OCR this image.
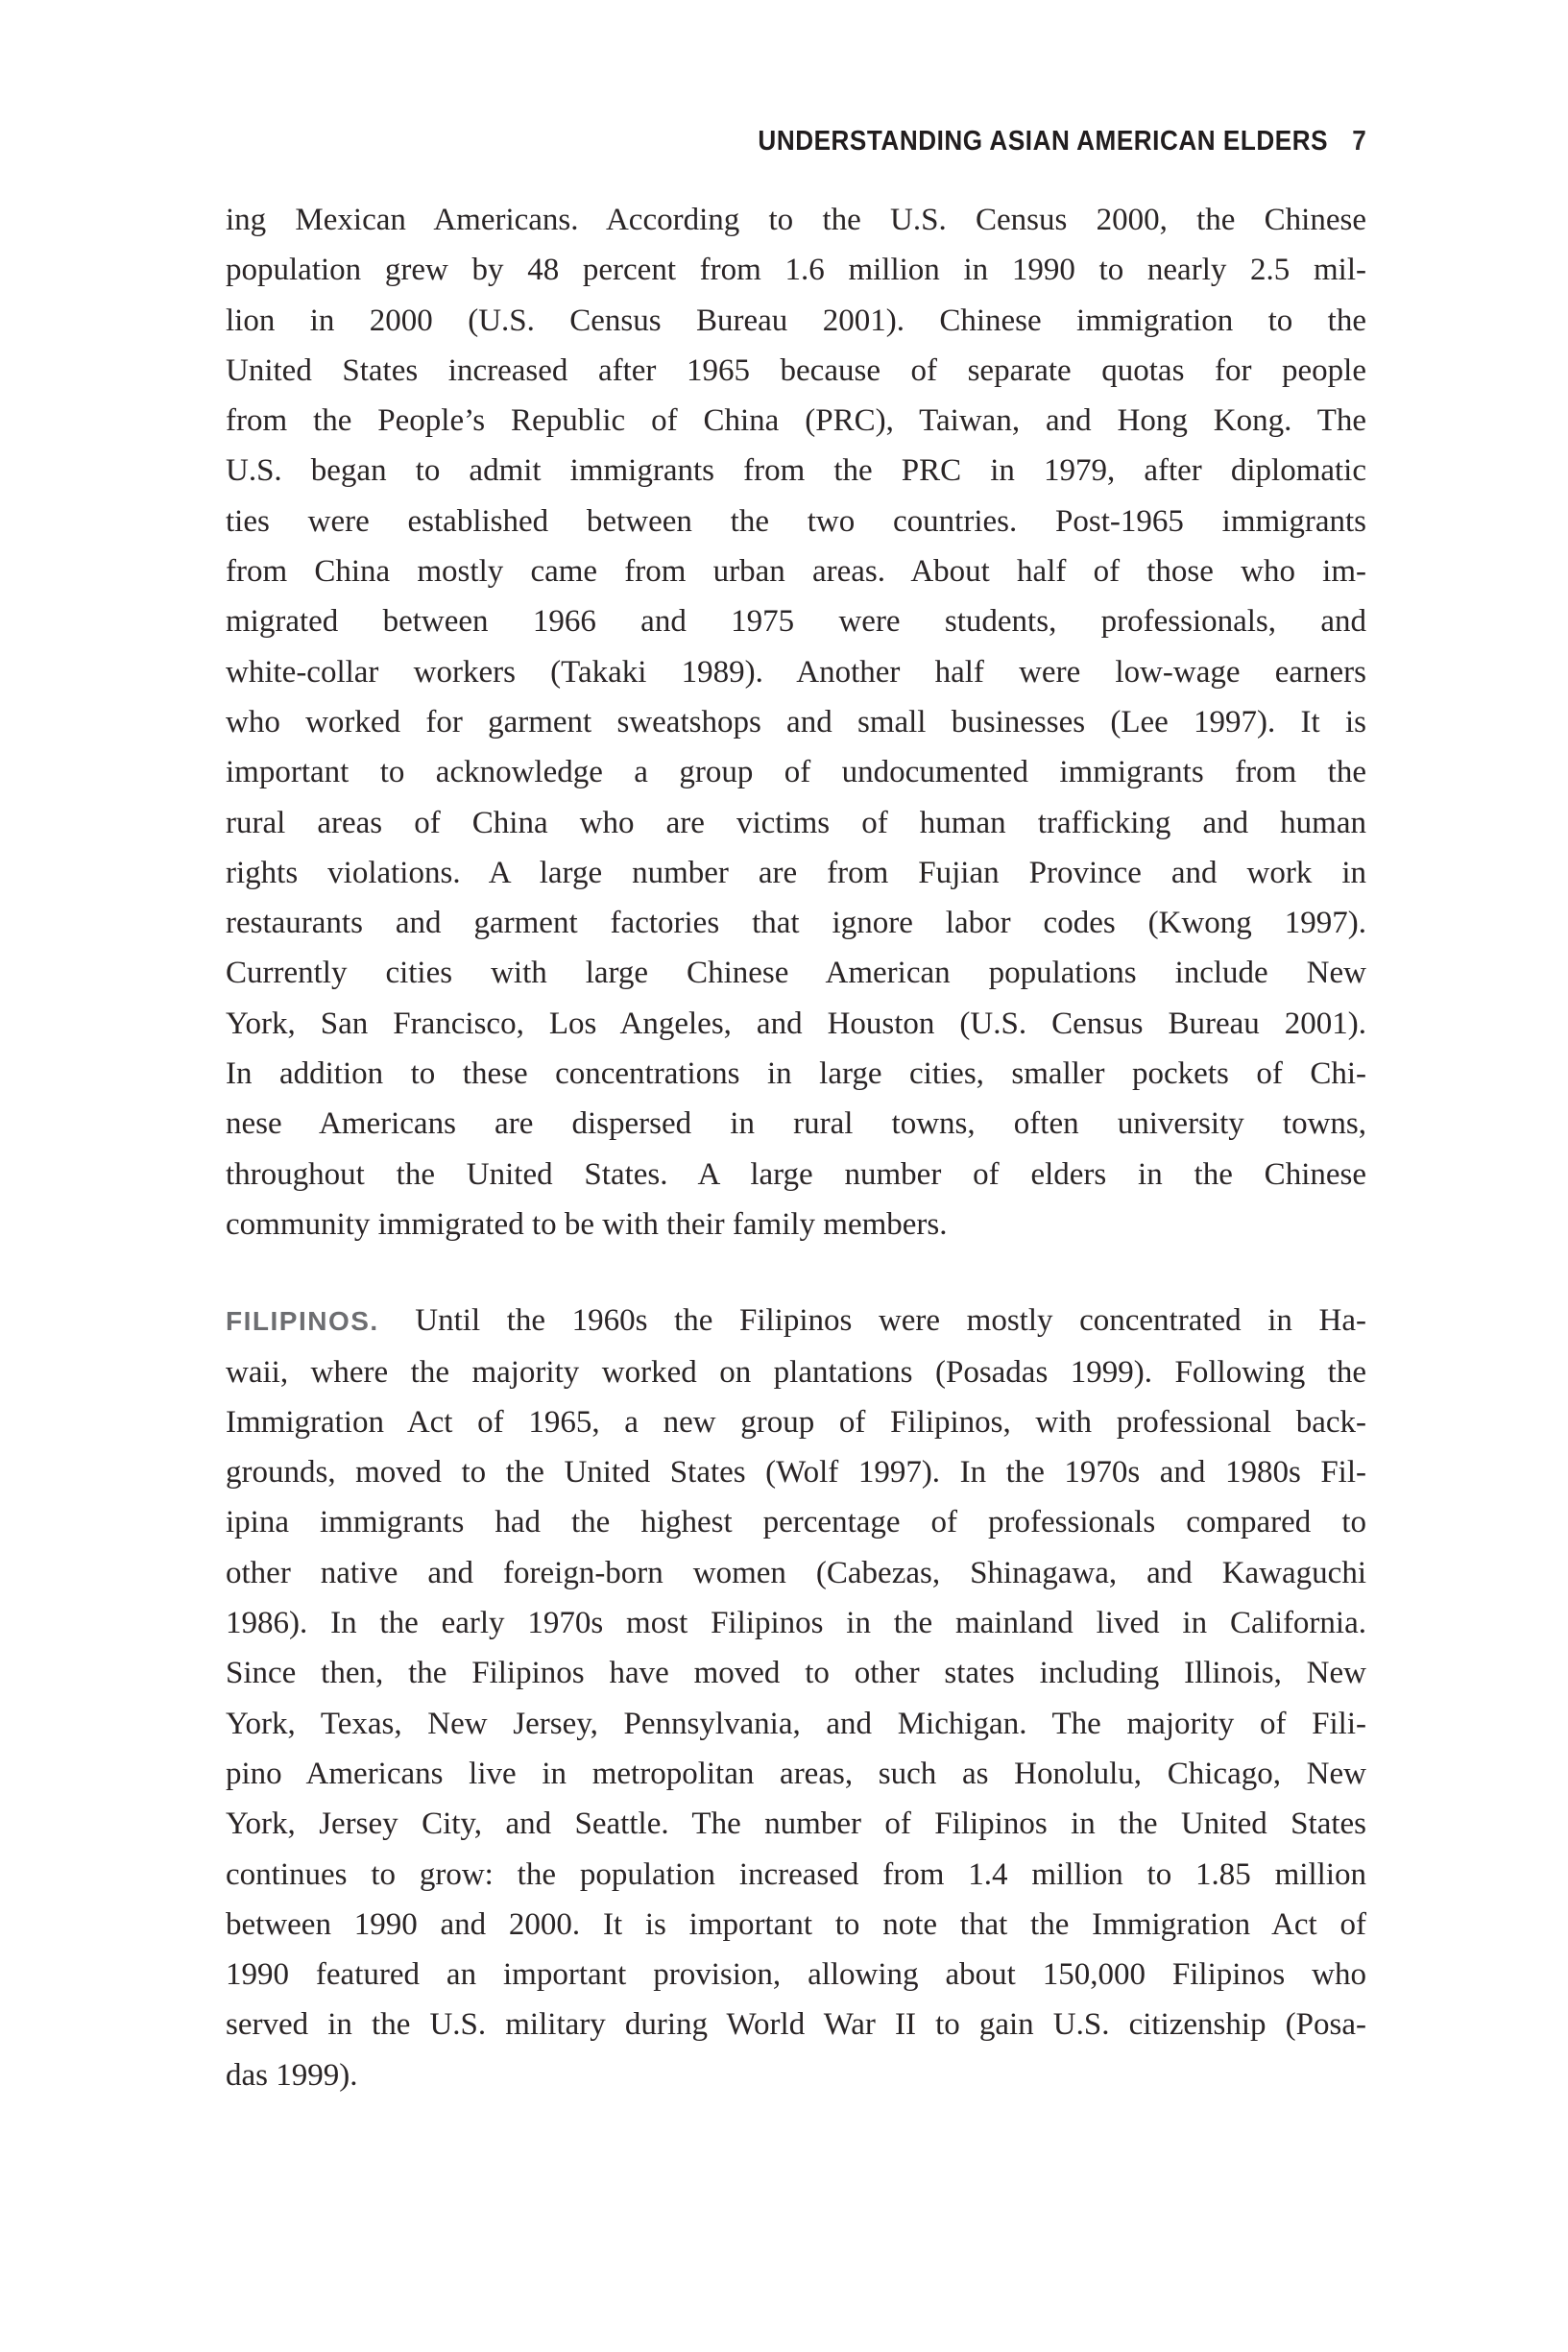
UNDERSTANDING ASIAN AMERICAN ELDERS 7
ing Mexican Americans. According to the U.S. Census 2000, the Chinese
population grew by 48 percent from 1.6 million in 1990 to nearly 2.5 mil-
lion in 2000 (U.S. Census Bureau 2001). Chinese immigration to the
United States increased after 1965 because of separate quotas for people
from the People’s Republic of China (PRC), Taiwan, and Hong Kong. The
U.S. began to admit immigrants from the PRC in 1979, after diplomatic
ties were established between the two countries. Post-1965 immigrants
from China mostly came from urban areas. About half of those who im-
migrated between 1966 and 1975 were students, professionals, and
white-collar workers (Takaki 1989). Another half were low-wage earners
who worked for garment sweatshops and small businesses (Lee 1997). It is
important to acknowledge a group of undocumented immigrants from the
rural areas of China who are victims of human trafficking and human
rights violations. A large number are from Fujian Province and work in
restaurants and garment factories that ignore labor codes (Kwong 1997).
Currently cities with large Chinese American populations include New
York, San Francisco, Los Angeles, and Houston (U.S. Census Bureau 2001).
In addition to these concentrations in large cities, smaller pockets of Chi-
nese Americans are dispersed in rural towns, often university towns,
throughout the United States. A large number of elders in the Chinese
community immigrated to be with their family members.
FILIPINOS. Until the 1960s the Filipinos were mostly concentrated in Ha-
waii, where the majority worked on plantations (Posadas 1999). Following the
Immigration Act of 1965, a new group of Filipinos, with professional back-
grounds, moved to the United States (Wolf 1997). In the 1970s and 1980s Fil-
ipina immigrants had the highest percentage of professionals compared to
other native and foreign-born women (Cabezas, Shinagawa, and Kawaguchi
1986). In the early 1970s most Filipinos in the mainland lived in California.
Since then, the Filipinos have moved to other states including Illinois, New
York, Texas, New Jersey, Pennsylvania, and Michigan. The majority of Fili-
pino Americans live in metropolitan areas, such as Honolulu, Chicago, New
York, Jersey City, and Seattle. The number of Filipinos in the United States
continues to grow: the population increased from 1.4 million to 1.85 million
between 1990 and 2000. It is important to note that the Immigration Act of
1990 featured an important provision, allowing about 150,000 Filipinos who
served in the U.S. military during World War II to gain U.S. citizenship (Posa-
das 1999).
